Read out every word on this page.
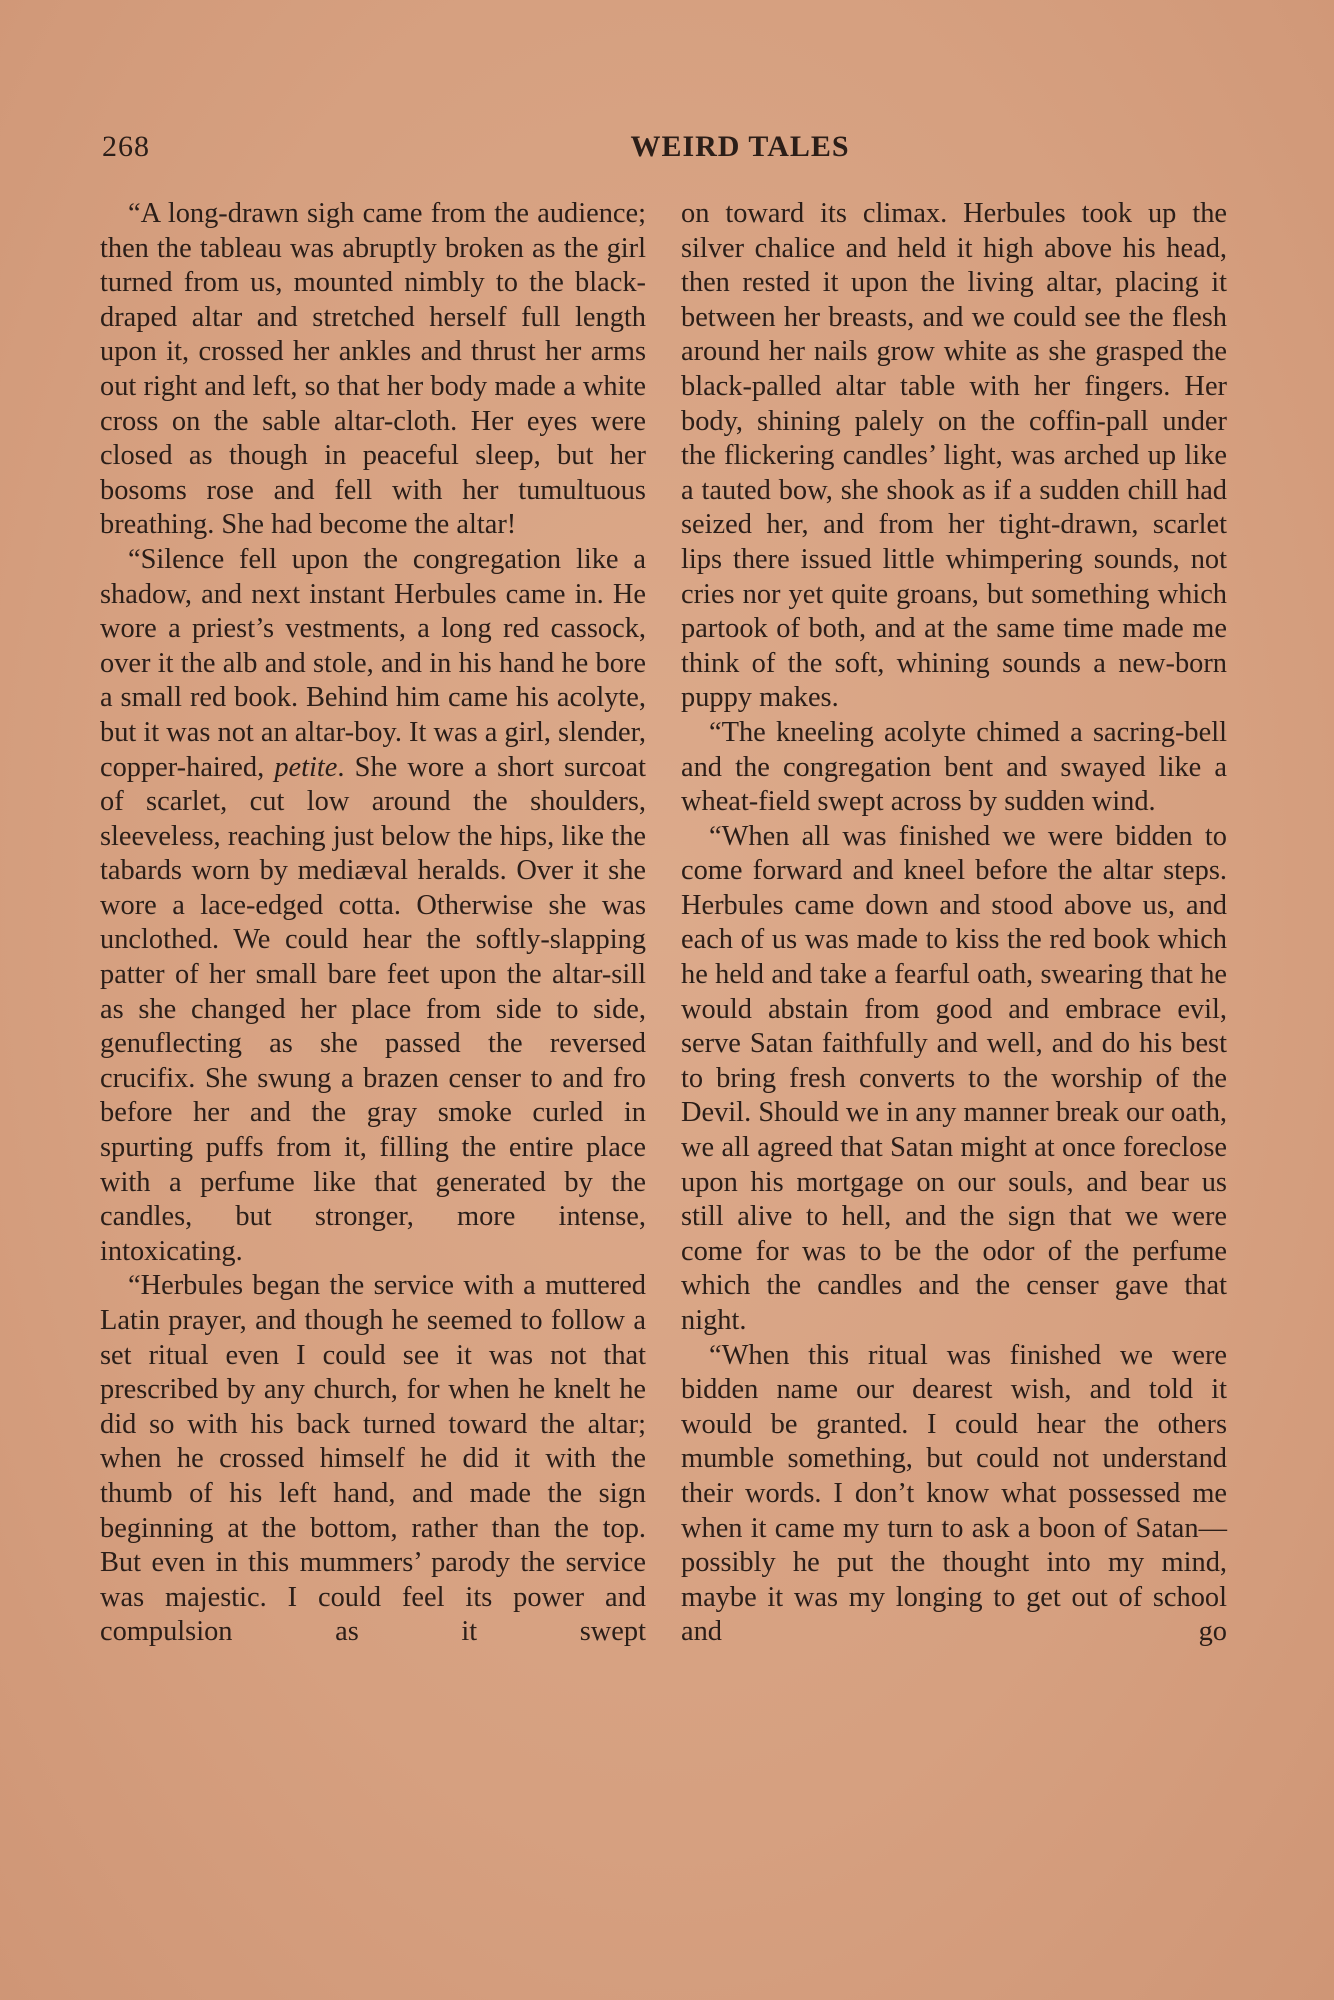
268	WEIRD TALES

“A long-drawn sigh came from the audience; then the tableau was abruptly broken as the girl turned from us, mounted nimbly to the black-draped altar and stretched herself full length upon it, crossed her ankles and thrust her arms out right and left, so that her body made a white cross on the sable altar-cloth. Her eyes were closed as though in peaceful sleep, but her bosoms rose and fell with her tumultuous breathing. She had become the altar!

“Silence fell upon the congregation like a shadow, and next instant Herbules came in. He wore a priest’s vestments, a long red cassock, over it the alb and stole, and in his hand he bore a small red book. Behind him came his acolyte, but it was not an altar-boy. It was a girl, slender, copper-haired, petite. She wore a short surcoat of scarlet, cut low around the shoulders, sleeveless, reaching just below the hips, like the tabards worn by mediæval heralds. Over it she wore a lace-edged cotta. Otherwise she was unclothed. We could hear the softly-slapping patter of her small bare feet upon the altar-sill as she changed her place from side to side, genuflecting as she passed the reversed crucifix. She swung a brazen censer to and fro before her and the gray smoke curled in spurting puffs from it, filling the entire place with a perfume like that generated by the candles, but stronger, more intense, intoxicating.

“Herbules began the service with a muttered Latin prayer, and though he seemed to follow a set ritual even I could see it was not that prescribed by any church, for when he knelt he did so with his back turned toward the altar; when he crossed himself he did it with the thumb of his left hand, and made the sign beginning at the bottom, rather than the top. But even in this mummers’ parody the service was majestic. I could feel its power and compulsion as it swept

on toward its climax. Herbules took up the silver chalice and held it high above his head, then rested it upon the living altar, placing it between her breasts, and we could see the flesh around her nails grow white as she grasped the black-palled altar table with her fingers. Her body, shining palely on the coffin-pall under the flickering candles’ light, was arched up like a tauted bow, she shook as if a sudden chill had seized her, and from her tight-drawn, scarlet lips there issued little whimpering sounds, not cries nor yet quite groans, but something which partook of both, and at the same time made me think of the soft, whining sounds a new-born puppy makes.

“The kneeling acolyte chimed a sacring-bell and the congregation bent and swayed like a wheat-field swept across by sudden wind.

“When all was finished we were bidden to come forward and kneel before the altar steps. Herbules came down and stood above us, and each of us was made to kiss the red book which he held and take a fearful oath, swearing that he would abstain from good and embrace evil, serve Satan faithfully and well, and do his best to bring fresh converts to the worship of the Devil. Should we in any manner break our oath, we all agreed that Satan might at once foreclose upon his mortgage on our souls, and bear us still alive to hell, and the sign that we were come for was to be the odor of the perfume which the candles and the censer gave that night.

“When this ritual was finished we were bidden name our dearest wish, and told it would be granted. I could hear the others mumble something, but could not understand their words. I don’t know what possessed me when it came my turn to ask a boon of Satan—possibly he put the thought into my mind, maybe it was my longing to get out of school and go
